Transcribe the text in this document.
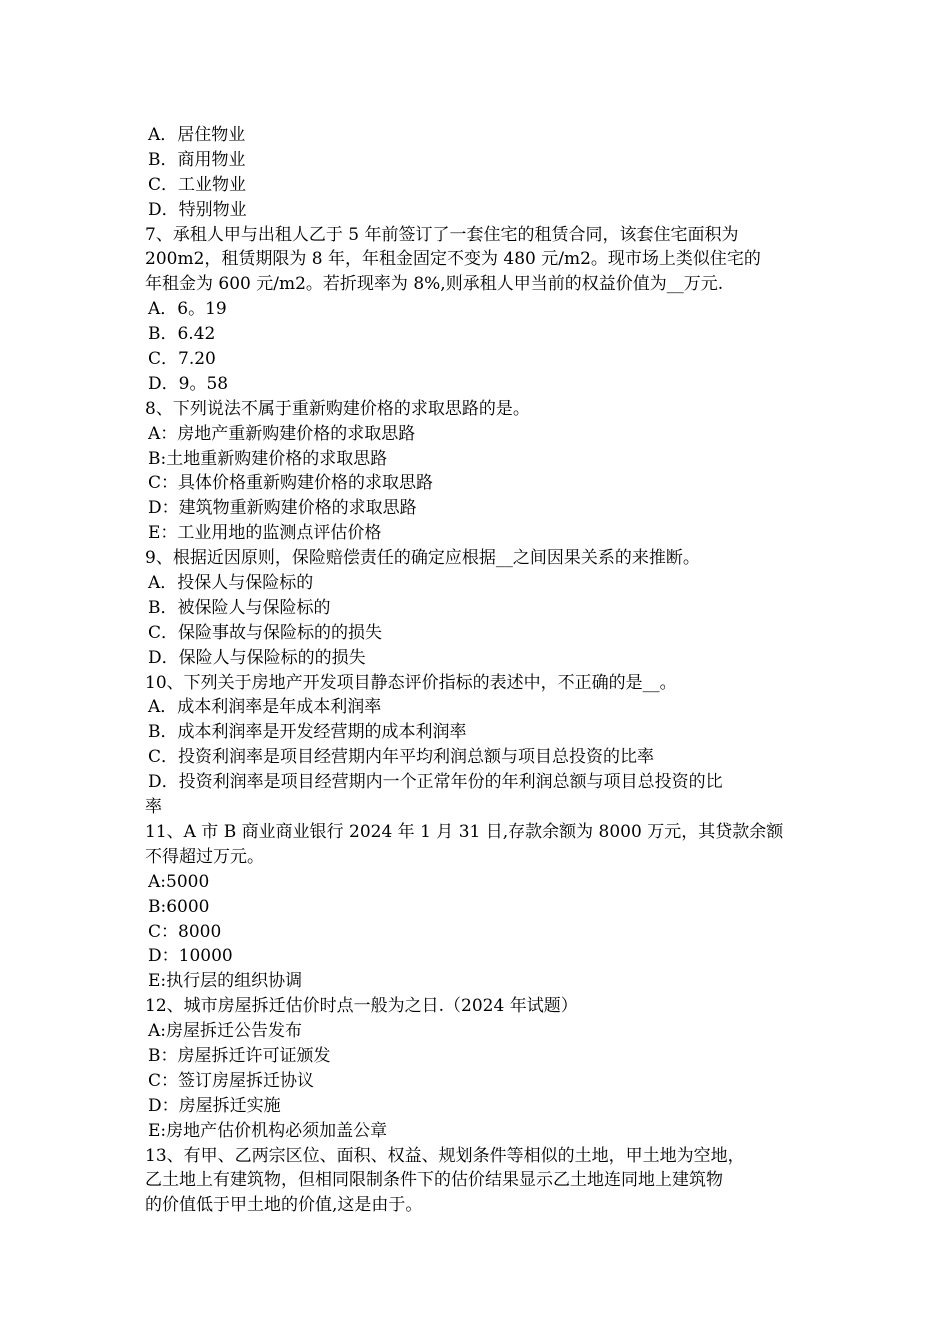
A．居住物业
B．商用物业
C．工业物业
D．特别物业
7、承租人甲与出租人乙于 5 年前签订了一套住宅的租赁合同，该套住宅面积为
200m2，租赁期限为 8 年，年租金固定不变为 480 元/m2。现市场上类似住宅的
年租金为 600 元/m2。若折现率为 8%,则承租人甲当前的权益价值为__万元.
A．6。19
B．6.42
C．7.20
D．9。58
8、下列说法不属于重新购建价格的求取思路的是。
A：房地产重新购建价格的求取思路
B:土地重新购建价格的求取思路
C：具体价格重新购建价格的求取思路
D：建筑物重新购建价格的求取思路
E：工业用地的监测点评估价格
9、根据近因原则，保险赔偿责任的确定应根据__之间因果关系的来推断。
A．投保人与保险标的
B．被保险人与保险标的
C．保险事故与保险标的的损失
D．保险人与保险标的的损失
10、下列关于房地产开发项目静态评价指标的表述中，不正确的是__。
A．成本利润率是年成本利润率
B．成本利润率是开发经营期的成本利润率
C．投资利润率是项目经营期内年平均利润总额与项目总投资的比率
D．投资利润率是项目经营期内一个正常年份的年利润总额与项目总投资的比
率
11、A 市 B 商业商业银行 2024 年 1 月 31 日,存款余额为 8000 万元，其贷款余额
不得超过万元。
A:5000
B:6000
C：8000
D：10000
E:执行层的组织协调
12、城市房屋拆迁估价时点一般为之日.（2024 年试题）
A:房屋拆迁公告发布
B：房屋拆迁许可证颁发
C：签订房屋拆迁协议
D：房屋拆迁实施
E:房地产估价机构必须加盖公章
13、有甲、乙两宗区位、面积、权益、规划条件等相似的土地，甲土地为空地，
乙土地上有建筑物，但相同限制条件下的估价结果显示乙土地连同地上建筑物
的价值低于甲土地的价值,这是由于。
